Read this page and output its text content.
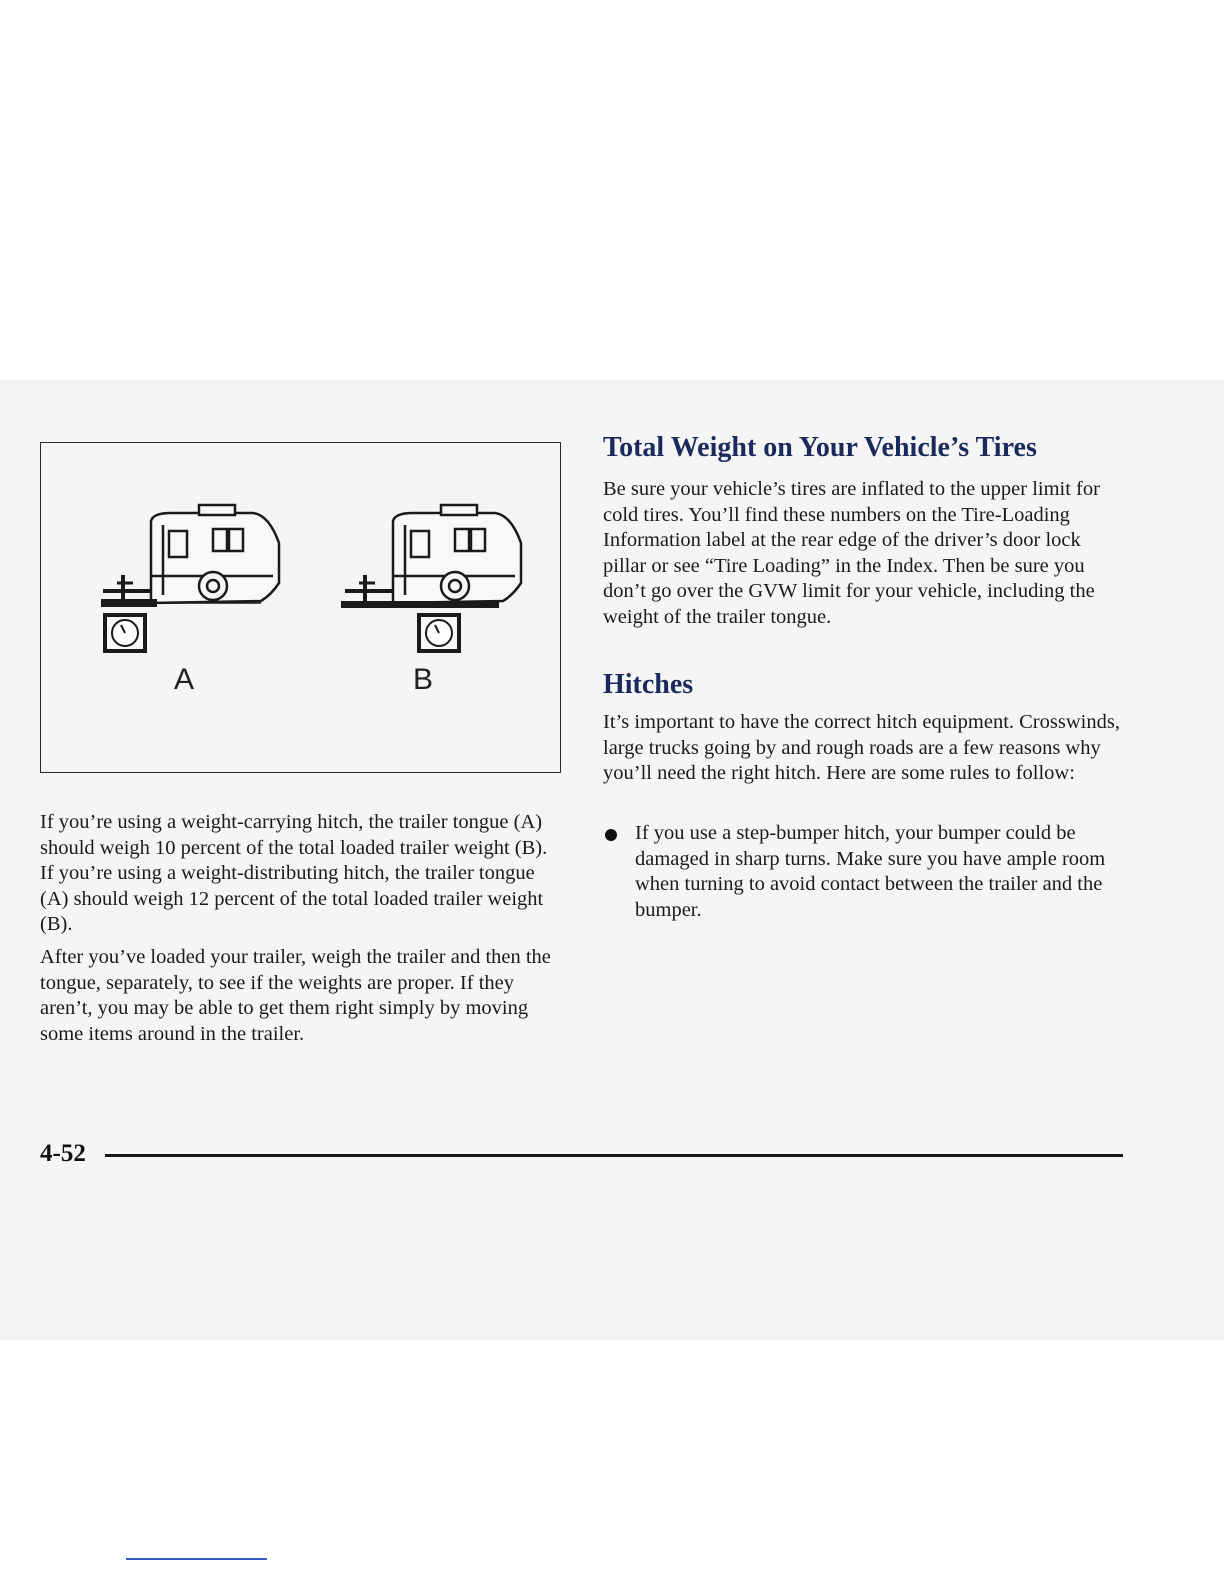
A	B

If you’re using a weight-carrying hitch, the trailer tongue (A) should weigh 10 percent of the total loaded trailer weight (B). If you’re using a weight-distributing hitch, the trailer tongue (A) should weigh 12 percent of the total loaded trailer weight (B).

After you’ve loaded your trailer, weigh the trailer and then the tongue, separately, to see if the weights are proper. If they aren’t, you may be able to get them right simply by moving some items around in the trailer.

Total Weight on Your Vehicle’s Tires

Be sure your vehicle’s tires are inflated to the upper limit for cold tires. You’ll find these numbers on the Tire-Loading Information label at the rear edge of the driver’s door lock pillar or see “Tire Loading” in the Index. Then be sure you don’t go over the GVW limit for your vehicle, including the weight of the trailer tongue.

Hitches

It’s important to have the correct hitch equipment. Crosswinds, large trucks going by and rough roads are a few reasons why you’ll need the right hitch. Here are some rules to follow:

If you use a step-bumper hitch, your bumper could be damaged in sharp turns. Make sure you have ample room when turning to avoid contact between the trailer and the bumper.

4-52
